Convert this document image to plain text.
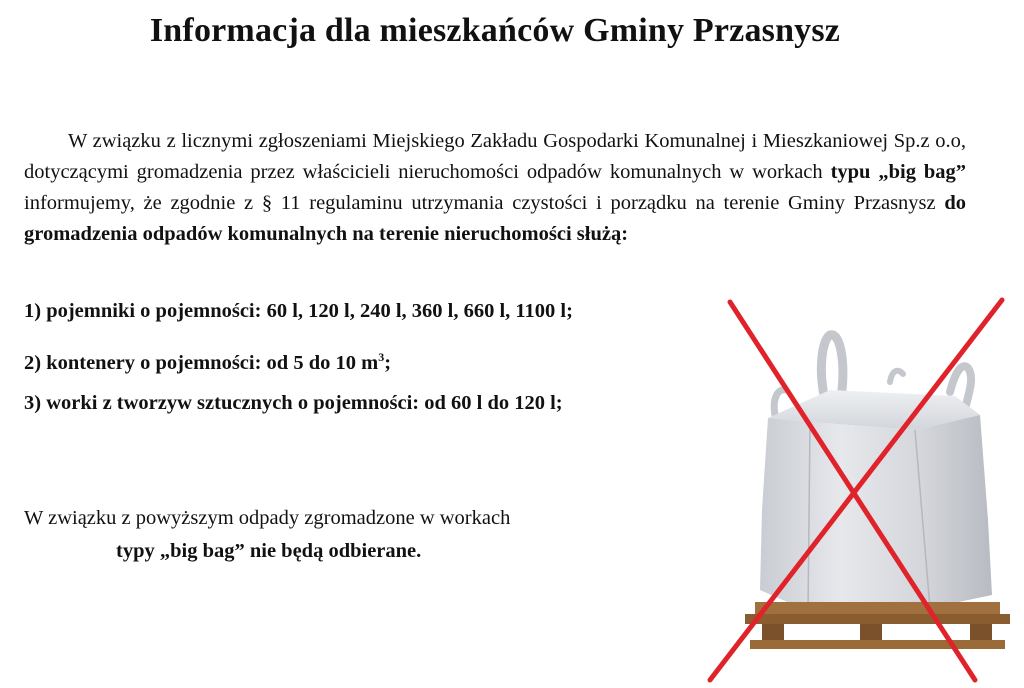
Informacja dla mieszkańców Gminy Przasnysz

W związku z licznymi zgłoszeniami Miejskiego Zakładu Gospodarki Komunalnej i Mieszkaniowej Sp.z o.o, dotyczącymi gromadzenia przez właścicieli nieruchomości odpadów komunalnych w workach typu „big bag” informujemy, że zgodnie z § 11 regulaminu utrzymania czystości i porządku na terenie Gminy Przasnysz do gromadzenia odpadów komunalnych na terenie nieruchomości służą:

1) pojemniki o pojemności: 60 l, 120 l, 240 l, 360 l, 660 l, 1100 l;
2) kontenery o pojemności: od 5 do 10 $m^3$;
3) worki z tworzyw sztucznych o pojemności: od 60 l do 120 l;
W związku z powyższym odpady zgromadzone w workach
typy „big bag” nie będą odbierane.
